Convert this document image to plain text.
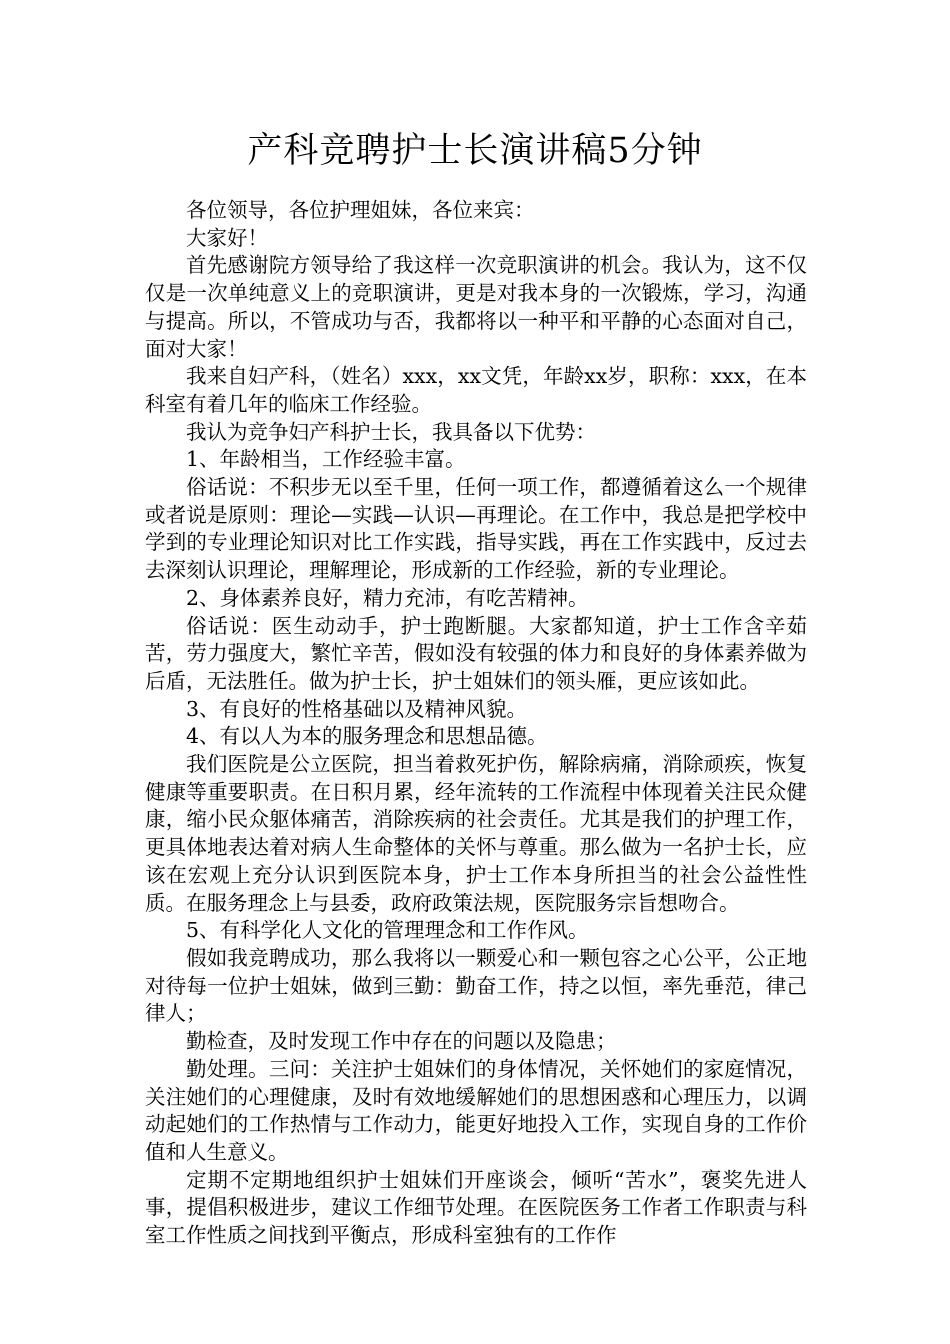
产科竞聘护士长演讲稿5分钟

各位领导，各位护理姐妹，各位来宾：

大家好！

首先感谢院方领导给了我这样一次竞职演讲的机会。我认为，这不仅仅是一次单纯意义上的竞职演讲，更是对我本身的一次锻炼，学习，沟通与提高。所以，不管成功与否，我都将以一种平和平静的心态面对自己，面对大家！

我来自妇产科，（姓名）xxx，xx文凭，年龄xx岁，职称：xxx，在本科室有着几年的临床工作经验。

我认为竞争妇产科护士长，我具备以下优势：

1、年龄相当，工作经验丰富。

俗话说：不积步无以至千里，任何一项工作，都遵循着这么一个规律或者说是原则：理论—实践—认识—再理论。在工作中，我总是把学校中学到的专业理论知识对比工作实践，指导实践，再在工作实践中，反过去去深刻认识理论，理解理论，形成新的工作经验，新的专业理论。

2、身体素养良好，精力充沛，有吃苦精神。

俗话说：医生动动手，护士跑断腿。大家都知道，护士工作含辛茹苦，劳力强度大，繁忙辛苦，假如没有较强的体力和良好的身体素养做为后盾，无法胜任。做为护士长，护士姐妹们的领头雁，更应该如此。

3、有良好的性格基础以及精神风貌。

4、有以人为本的服务理念和思想品德。

我们医院是公立医院，担当着救死护伤，解除病痛，消除顽疾，恢复健康等重要职责。在日积月累，经年流转的工作流程中体现着关注民众健康，缩小民众躯体痛苦，消除疾病的社会责任。尤其是我们的护理工作，更具体地表达着对病人生命整体的关怀与尊重。那么做为一名护士长，应该在宏观上充分认识到医院本身，护士工作本身所担当的社会公益性性质。在服务理念上与县委，政府政策法规，医院服务宗旨想吻合。

5、有科学化人文化的管理理念和工作作风。

假如我竞聘成功，那么我将以一颗爱心和一颗包容之心公平，公正地对待每一位护士姐妹，做到三勤：勤奋工作，持之以恒，率先垂范，律己律人；

勤检查，及时发现工作中存在的问题以及隐患；

勤处理。三问：关注护士姐妹们的身体情况，关怀她们的家庭情况，关注她们的心理健康，及时有效地缓解她们的思想困惑和心理压力，以调动起她们的工作热情与工作动力，能更好地投入工作，实现自身的工作价值和人生意义。

定期不定期地组织护士姐妹们开座谈会，倾听“苦水”，褒奖先进人事，提倡积极进步，建议工作细节处理。在医院医务工作者工作职责与科室工作性质之间找到平衡点，形成科室独有的工作作
